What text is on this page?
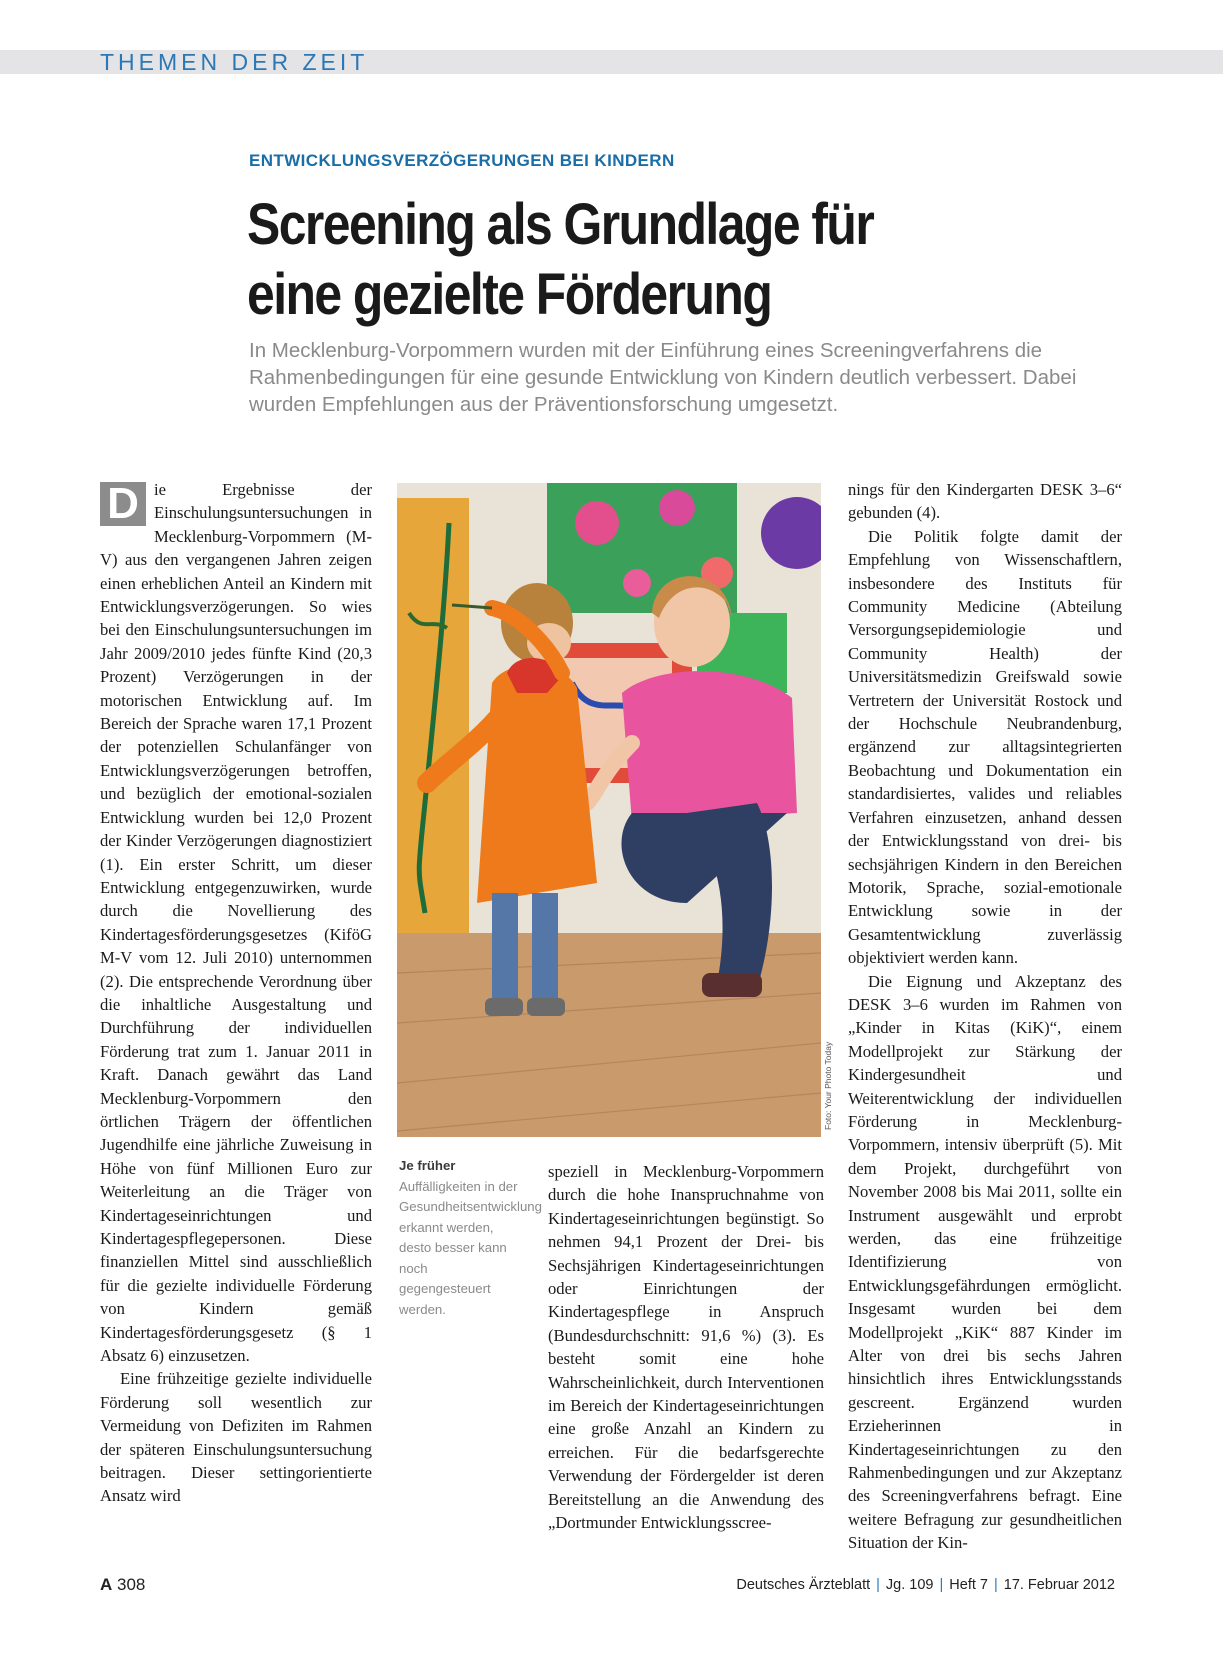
THEMEN DER ZEIT
ENTWICKLUNGSVERZÖGERUNGEN BEI KINDERN
Screening als Grundlage für
eine gezielte Förderung
In Mecklenburg-Vorpommern wurden mit der Einführung eines Screeningverfahrens die Rahmenbedingungen für eine gesunde Entwicklung von Kindern deutlich verbessert. Dabei wurden Empfehlungen aus der Präventionsforschung umgesetzt.

D ie Ergebnisse der Einschulungsuntersuchungen in Mecklenburg-Vorpommern (M-V) aus den vergangenen Jahren zeigen einen erheblichen Anteil an Kindern mit Entwicklungsverzögerungen. So wies bei den Einschulungsuntersuchungen im Jahr 2009/2010 jedes fünfte Kind (20,3 Prozent) Verzögerungen in der motorischen Entwicklung auf. Im Bereich der Sprache waren 17,1 Prozent der potenziellen Schulanfänger von Entwicklungsverzögerungen betroffen, und bezüglich der emotional-sozialen Entwicklung wurden bei 12,0 Prozent der Kinder Verzögerungen diagnostiziert (1). Ein erster Schritt, um dieser Entwicklung entgegenzuwirken, wurde durch die Novellierung des Kindertagesförderungsgesetzes (KiföG M-V vom 12. Juli 2010) unternommen (2). Die entsprechende Verordnung über die inhaltliche Ausgestaltung und Durchführung der individuellen Förderung trat zum 1. Januar 2011 in Kraft. Danach gewährt das Land Mecklenburg-Vorpommern den örtlichen Trägern der öffentlichen Jugendhilfe eine jährliche Zuweisung in Höhe von fünf Millionen Euro zur Weiterleitung an die Träger von Kindertageseinrichtungen und Kindertagespflegepersonen. Diese finanziellen Mittel sind ausschließlich für die gezielte individuelle Förderung von Kindern gemäß Kindertagesförderungsgesetz (§ 1 Absatz 6) einzusetzen.

Eine frühzeitige gezielte individuelle Förderung soll wesentlich zur Vermeidung von Defiziten im Rahmen der späteren Einschulungsuntersuchung beitragen. Dieser settingorientierte Ansatz wird

Foto: Your Photo Today
Je früher Auffälligkeiten in der Gesundheitsentwicklung erkannt werden, desto besser kann noch gegengesteuert werden.

speziell in Mecklenburg-Vorpommern durch die hohe Inanspruchnahme von Kindertageseinrichtungen begünstigt. So nehmen 94,1 Prozent der Drei- bis Sechsjährigen Kindertageseinrichtungen oder Einrichtungen der Kindertagespflege in Anspruch (Bundesdurchschnitt: 91,6 %) (3). Es besteht somit eine hohe Wahrscheinlichkeit, durch Interventionen im Bereich der Kindertageseinrichtungen eine große Anzahl an Kindern zu erreichen. Für die bedarfsgerechte Verwendung der Fördergelder ist deren Bereitstellung an die Anwendung des „Dortmunder Entwicklungsscree-

nings für den Kindergarten DESK 3–6“ gebunden (4).

Die Politik folgte damit der Empfehlung von Wissenschaftlern, insbesondere des Instituts für Community Medicine (Abteilung Versorgungsepidemiologie und Community Health) der Universitätsmedizin Greifswald sowie Vertretern der Universität Rostock und der Hochschule Neubrandenburg, ergänzend zur alltagsintegrierten Beobachtung und Dokumentation ein standardisiertes, valides und reliables Verfahren einzusetzen, anhand dessen der Entwicklungsstand von drei- bis sechsjährigen Kindern in den Bereichen Motorik, Sprache, sozial-emotionale Entwicklung sowie in der Gesamtentwicklung zuverlässig objektiviert werden kann.

Die Eignung und Akzeptanz des DESK 3–6 wurden im Rahmen von „Kinder in Kitas (KiK)“, einem Modellprojekt zur Stärkung der Kindergesundheit und Weiterentwicklung der individuellen Förderung in Mecklenburg-Vorpommern, intensiv überprüft (5). Mit dem Projekt, durchgeführt von November 2008 bis Mai 2011, sollte ein Instrument ausgewählt und erprobt werden, das eine frühzeitige Identifizierung von Entwicklungsgefährdungen ermöglicht. Insgesamt wurden bei dem Modellprojekt „KiK“ 887 Kinder im Alter von drei bis sechs Jahren hinsichtlich ihres Entwicklungsstands gescreent. Ergänzend wurden Erzieherinnen in Kindertageseinrichtungen zu den Rahmenbedingungen und zur Akzeptanz des Screeningverfahrens befragt. Eine weitere Befragung zur gesundheitlichen Situation der Kin-

A 308	Deutsches Ärzteblatt | Jg. 109 | Heft 7 | 17. Februar 2012
